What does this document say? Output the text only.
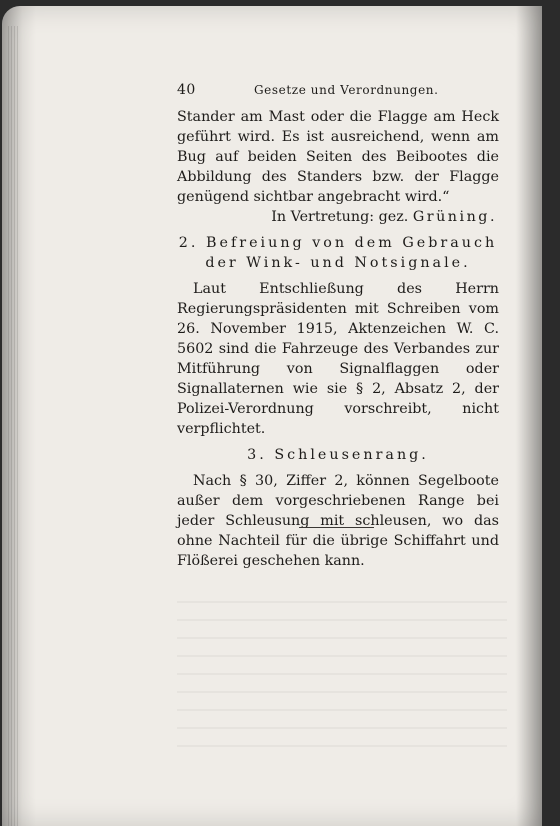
40	Gesetze und Verordnungen.

Stander am Mast oder die Flagge am Heck geführt wird. Es ist ausreichend, wenn am Bug auf beiden Seiten des Beibootes die Abbildung des Standers bzw. der Flagge genügend sichtbar angebracht wird.“

In Vertretung: gez. Grüning.

2. Befreiung von dem Gebrauch
der Wink- und Notsignale.

Laut Entschließung des Herrn Regierungspräsidenten mit Schreiben vom 26. November 1915, Aktenzeichen W. C. 5602 sind die Fahrzeuge des Verbandes zur Mitführung von Signalflaggen oder Signallaternen wie sie § 2, Absatz 2, der Polizei-Verordnung vorschreibt, nicht verpflichtet.

3. Schleusenrang.

Nach § 30, Ziffer 2, können Segelboote außer dem vorgeschriebenen Range bei jeder Schleusung mit schleusen, wo das ohne Nachteil für die übrige Schiffahrt und Flößerei geschehen kann.
